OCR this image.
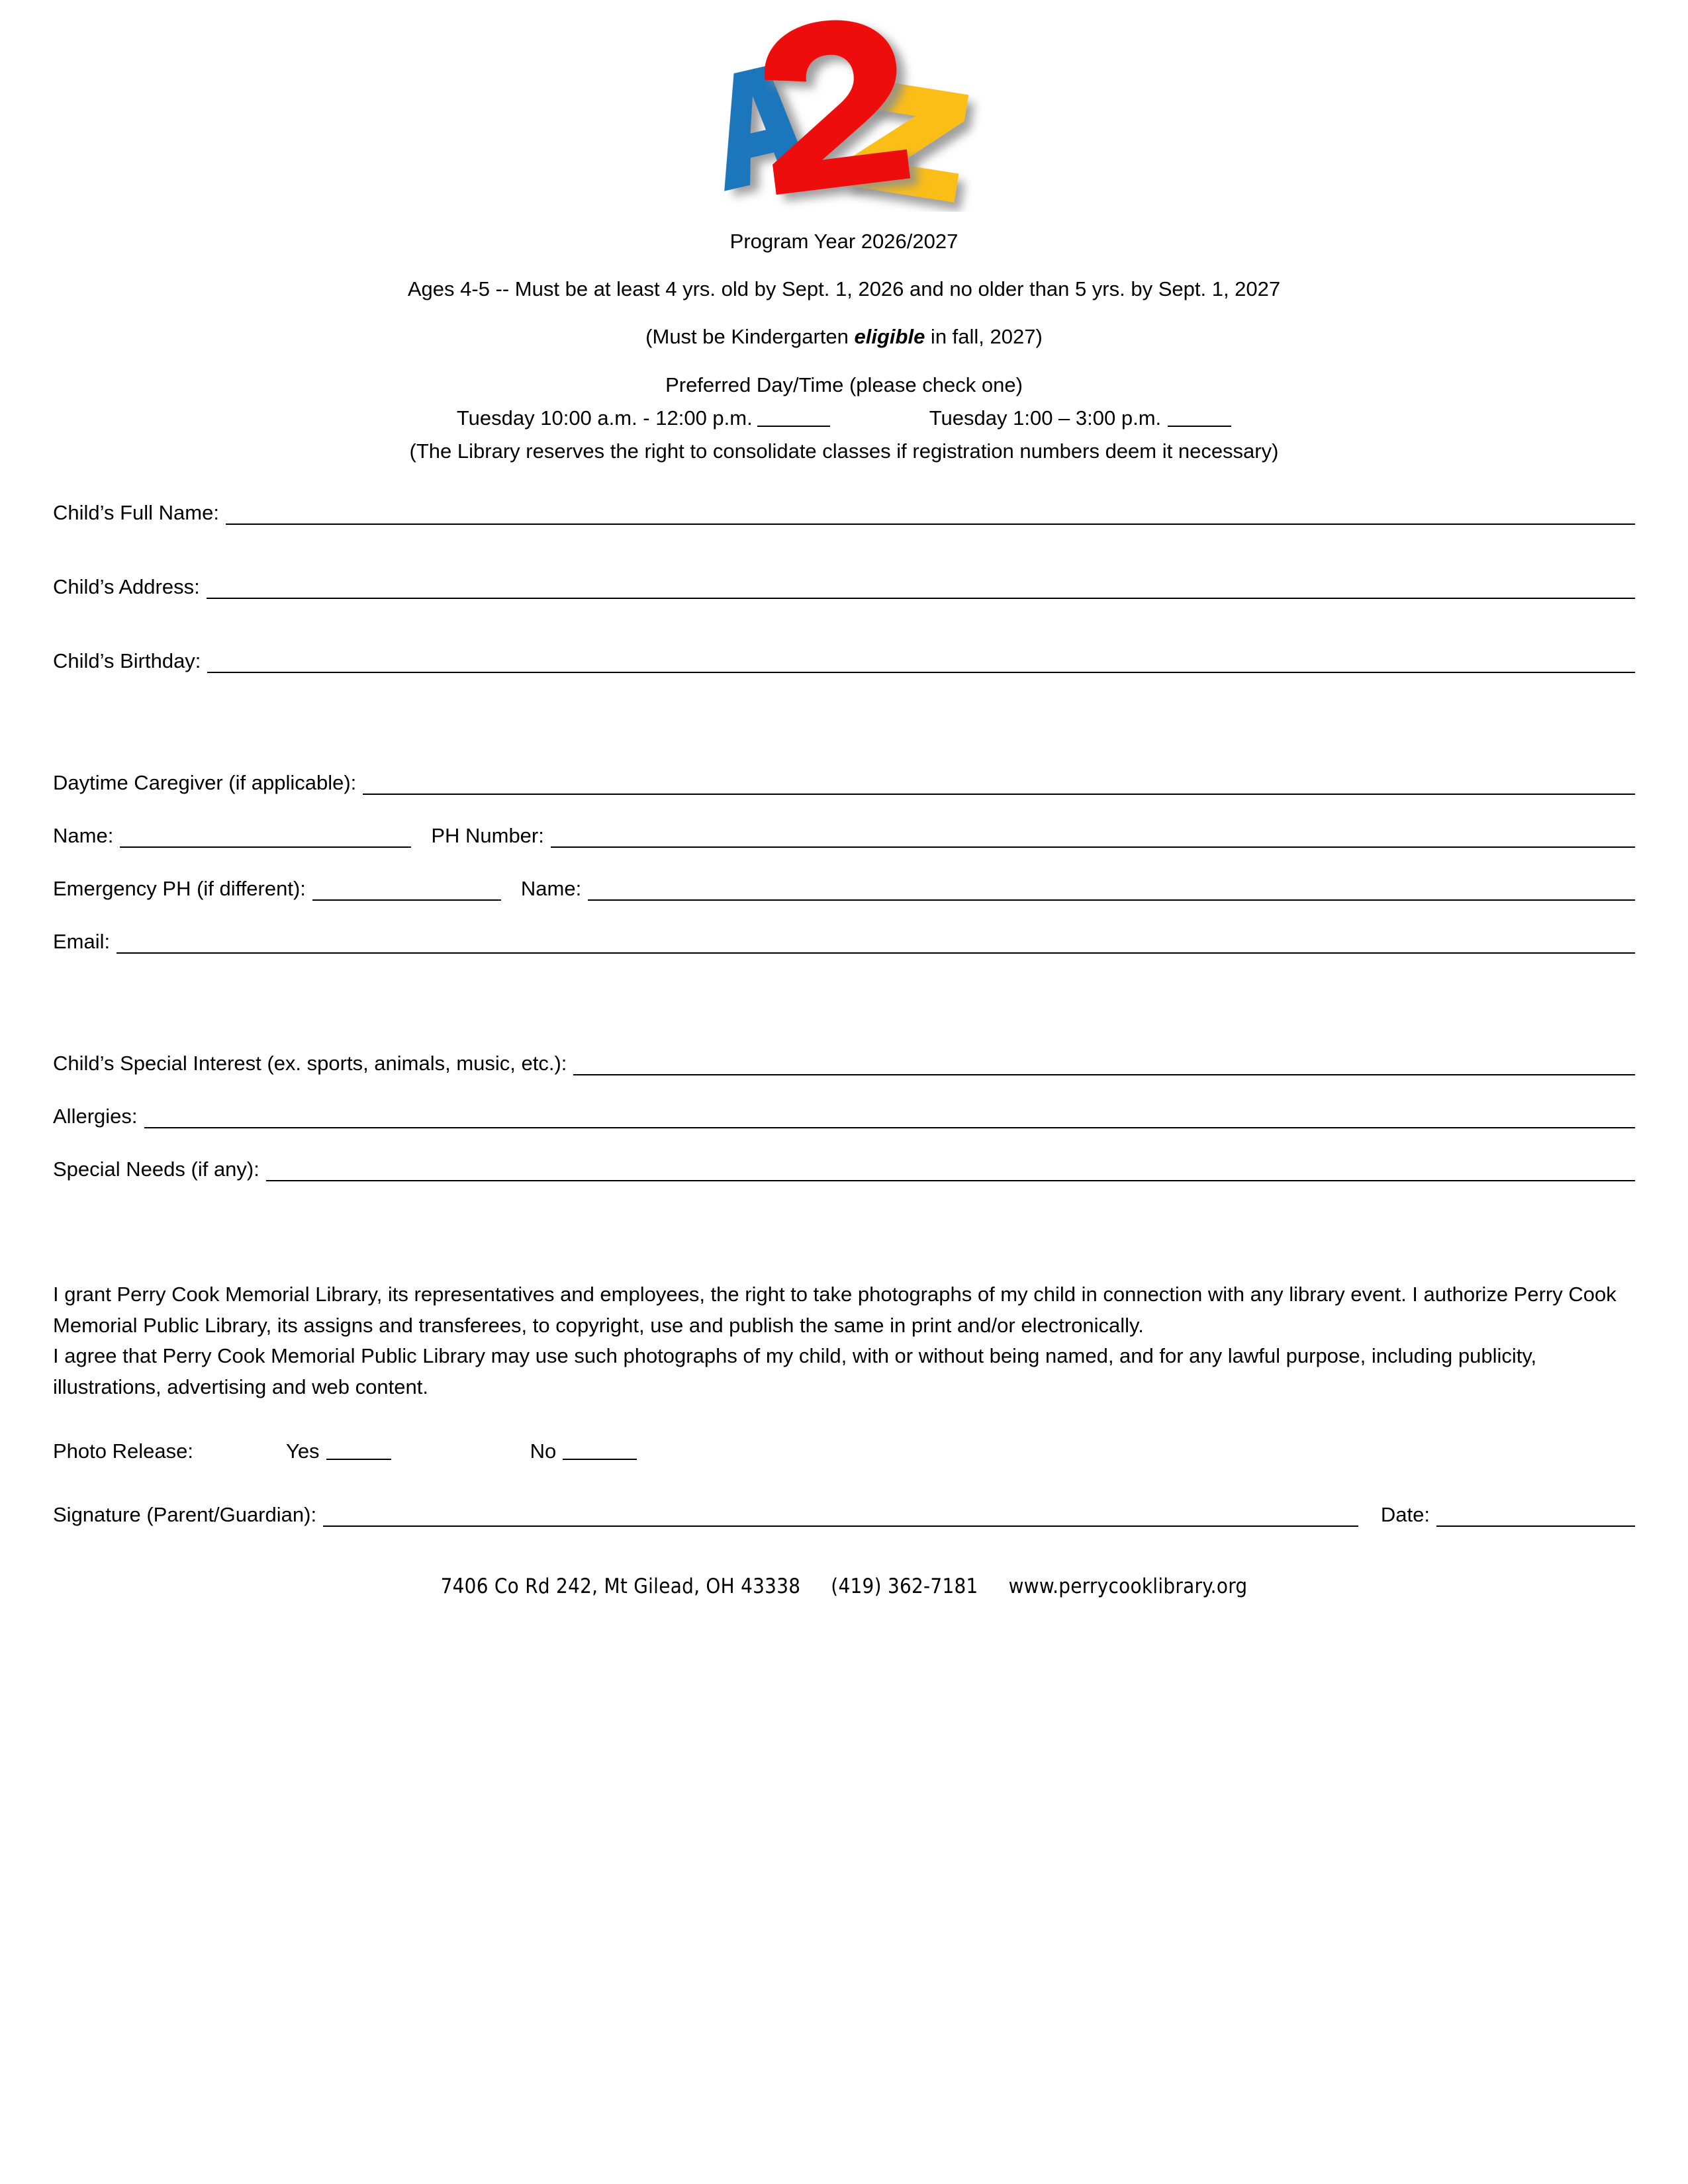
Program Year 2026/2027
Ages 4-5 -- Must be at least 4 yrs. old by Sept. 1, 2026 and no older than 5 yrs. by Sept. 1, 2027
(Must be Kindergarten eligible in fall, 2027)
Preferred Day/Time (please check one)
Tuesday 10:00 a.m. - 12:00 p.m.	Tuesday 1:00 – 3:00 p.m.
(The Library reserves the right to consolidate classes if registration numbers deem it necessary)
Child’s Full Name:
Child’s Address:
Child’s Birthday:
Daytime Caregiver (if applicable):
Name:	PH Number:
Emergency PH (if different):	Name:
Email:
Child’s Special Interest (ex. sports, animals, music, etc.):
Allergies:
Special Needs (if any):

I grant Perry Cook Memorial Library, its representatives and employees, the right to take photographs of my child in connection with any library event. I authorize Perry Cook Memorial Public Library, its assigns and transferees, to copyright, use and publish the same in print and/or electronically.

I agree that Perry Cook Memorial Public Library may use such photographs of my child, with or without being named, and for any lawful purpose, including publicity, illustrations, advertising and web content.

Photo Release:	Yes	No
Signature (Parent/Guardian):	Date:
7406 Co Rd 242, Mt Gilead, OH 43338 (419) 362-7181 www.perrycooklibrary.org
